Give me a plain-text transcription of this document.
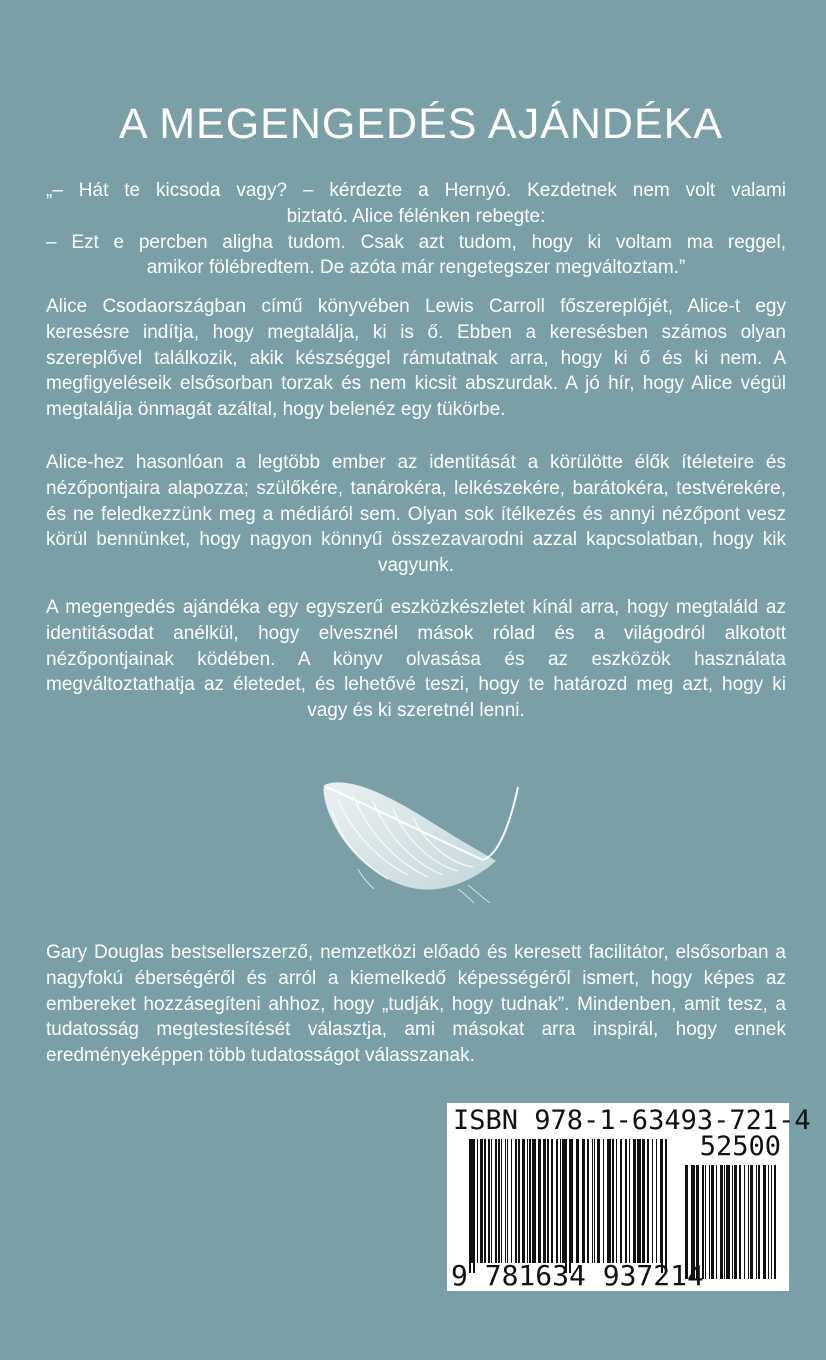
A MEGENGEDÉS AJÁNDÉKA
„– Hát te kicsoda vagy? – kérdezte a Hernyó. Kezdetnek nem volt valami
biztató. Alice félénken rebegte:
– Ezt e percben aligha tudom. Csak azt tudom, hogy ki voltam ma reggel,
amikor fölébredtem. De azóta már rengetegszer megváltoztam.”

Alice Csodaországban című könyvében Lewis Carroll főszereplőjét, Alice-t egy keresésre indítja, hogy megtalálja, ki is ő. Ebben a keresésben számos olyan szereplővel találkozik, akik készséggel rámutatnak arra, hogy ki ő és ki nem. A megfigyeléseik elsősorban torzak és nem kicsit abszurdak. A jó hír, hogy Alice végül megtalálja önmagát azáltal, hogy belenéz egy tükörbe.

Alice-hez hasonlóan a legtöbb ember az identitását a körülötte élők ítéleteire és nézőpontjaira alapozza; szülőkére, tanárokéra, lelkészekére, barátokéra, testvérekére, és ne feledkezzünk meg a médiáról sem. Olyan sok ítélkezés és annyi nézőpont vesz körül bennünket, hogy nagyon könnyű összezavarodni azzal kapcsolatban, hogy kik vagyunk.

A megengedés ajándéka egy egyszerű eszközkészletet kínál arra, hogy megtaláld az identitásodat anélkül, hogy elvesznél mások rólad és a világodról alkotott nézőpontjainak ködében. A könyv olvasása és az eszközök használata megváltoztathatja az életedet, és lehetővé teszi, hogy te határozd meg azt, hogy ki vagy és ki szeretnél lenni.

Gary Douglas bestsellerszerző, nemzetközi előadó és keresett facilitátor, elsősorban a nagyfokú éberségéről és arról a kiemelkedő képességéről ismert, hogy képes az embereket hozzásegíteni ahhoz, hogy „tudják, hogy tudnak”. Mindenben, amit tesz, a tudatosság megtestesítését választja, ami másokat arra inspirál, hogy ennek eredményeképpen több tudatosságot válasszanak.

ISBN 978-1-63493-721-4
52500
9 781634 937214
